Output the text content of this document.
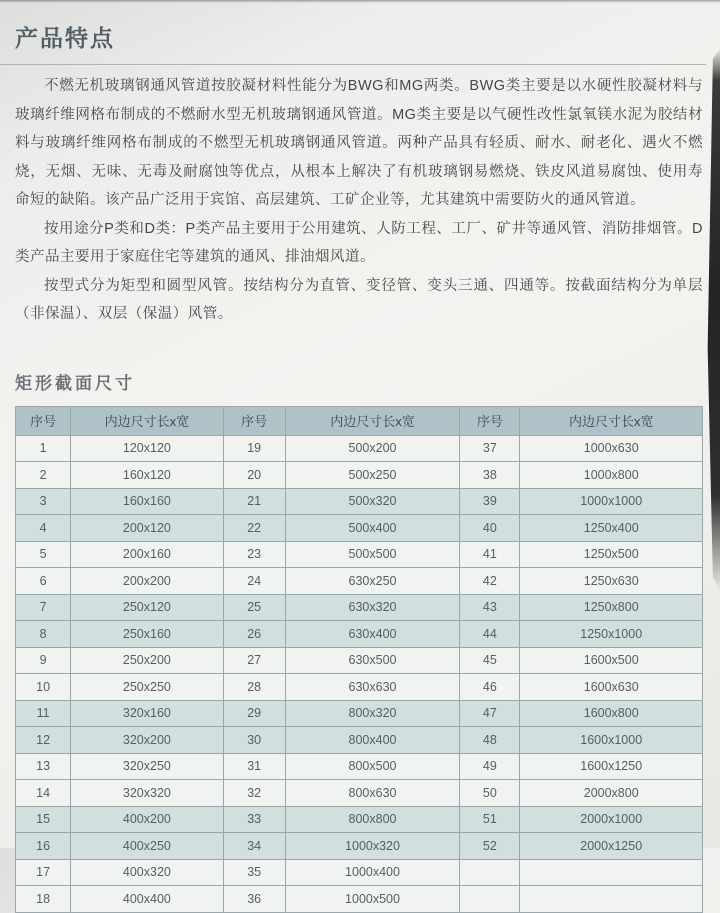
产品特点

不燃无机玻璃钢通风管道按胶凝材料性能分为BWG和MG两类。BWG类主要是以水硬性胶凝材料与玻璃纤维网格布制成的不燃耐水型无机玻璃钢通风管道。MG类主要是以气硬性改性氯氧镁水泥为胶结材料与玻璃纤维网格布制成的不燃型无机玻璃钢通风管道。两种产品具有轻质、耐水、耐老化、遇火不燃烧，无烟、无味、无毒及耐腐蚀等优点，从根本上解决了有机玻璃钢易燃烧、铁皮风道易腐蚀、使用寿命短的缺陷。该产品广泛用于宾馆、高层建筑、工矿企业等，尤其建筑中需要防火的通风管道。

按用途分P类和D类：P类产品主要用于公用建筑、人防工程、工厂、矿井等通风管、消防排烟管。D类产品主要用于家庭住宅等建筑的通风、排油烟风道。

按型式分为矩型和圆型风管。按结构分为直管、变径管、变头三通、四通等。按截面结构分为单层（非保温）、双层（保温）风管。

矩形截面尺寸
序号	内边尺寸长x宽	序号	内边尺寸长x宽	序号	内边尺寸长x宽
1	120x120	19	500x200	37	1000x630
2	160x120	20	500x250	38	1000x800
3	160x160	21	500x320	39	1000x1000
4	200x120	22	500x400	40	1250x400
5	200x160	23	500x500	41	1250x500
6	200x200	24	630x250	42	1250x630
7	250x120	25	630x320	43	1250x800
8	250x160	26	630x400	44	1250x1000
9	250x200	27	630x500	45	1600x500
10	250x250	28	630x630	46	1600x630
11	320x160	29	800x320	47	1600x800
12	320x200	30	800x400	48	1600x1000
13	320x250	31	800x500	49	1600x1250
14	320x320	32	800x630	50	2000x800
15	400x200	33	800x800	51	2000x1000
16	400x250	34	1000x320	52	2000x1250
17	400x320	35	1000x400		
18	400x400	36	1000x500		
